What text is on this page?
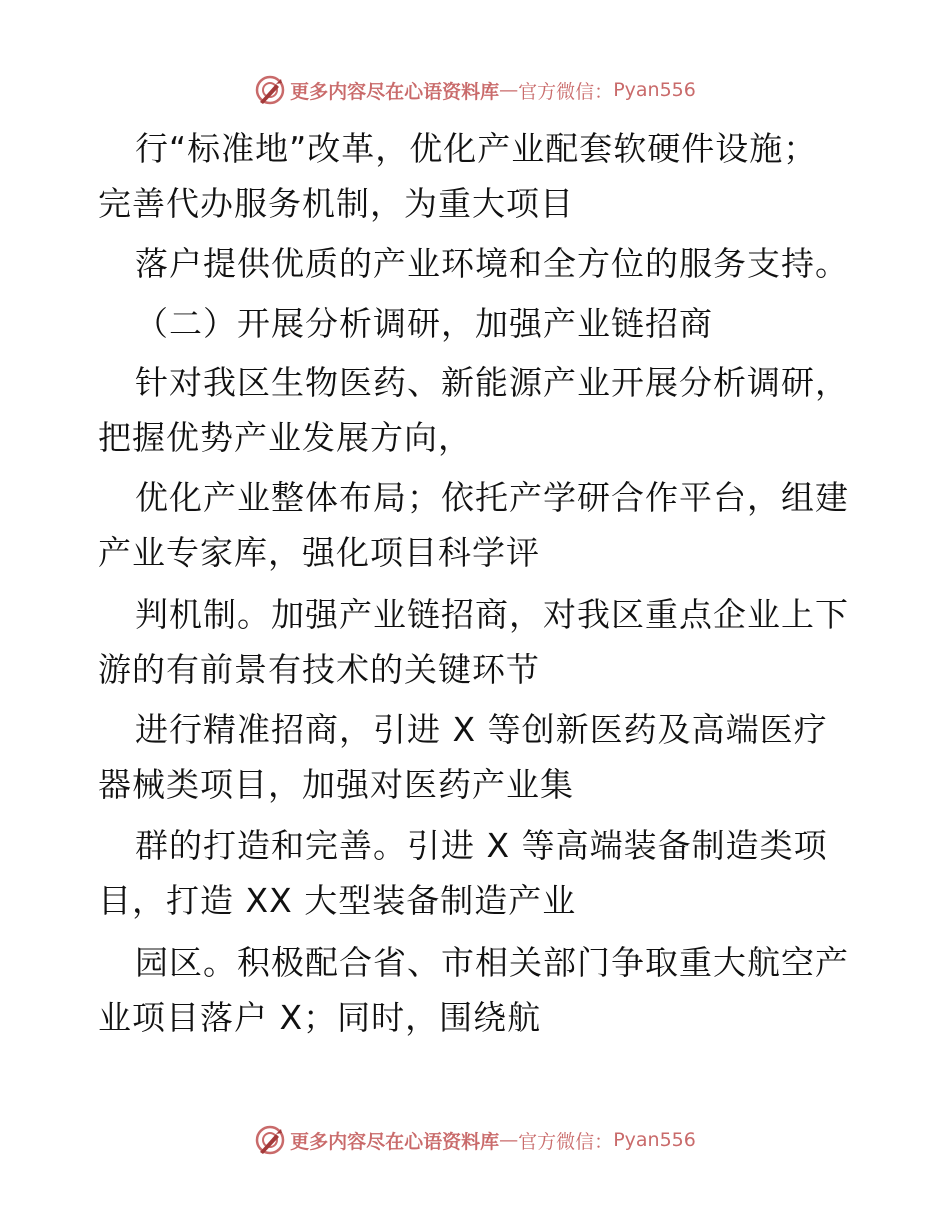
更多内容尽在心语资料库 — 官方微信： Pyan556
行“标准地”改革，优化产业配套软硬件设施；
完善代办服务机制，为重大项目
落户提供优质的产业环境和全方位的服务支持。
（二）开展分析调研，加强产业链招商
针对我区生物医药、新能源产业开展分析调研，
把握优势产业发展方向，
优化产业整体布局；依托产学研合作平台，组建
产业专家库，强化项目科学评
判机制。加强产业链招商，对我区重点企业上下
游的有前景有技术的关键环节
进行精准招商，引进 X 等创新医药及高端医疗
器械类项目，加强对医药产业集
群的打造和完善。引进 X 等高端装备制造类项
目，打造 XX 大型装备制造产业
园区。积极配合省、市相关部门争取重大航空产
业项目落户 X；同时，围绕航
更多内容尽在心语资料库 — 官方微信： Pyan556
